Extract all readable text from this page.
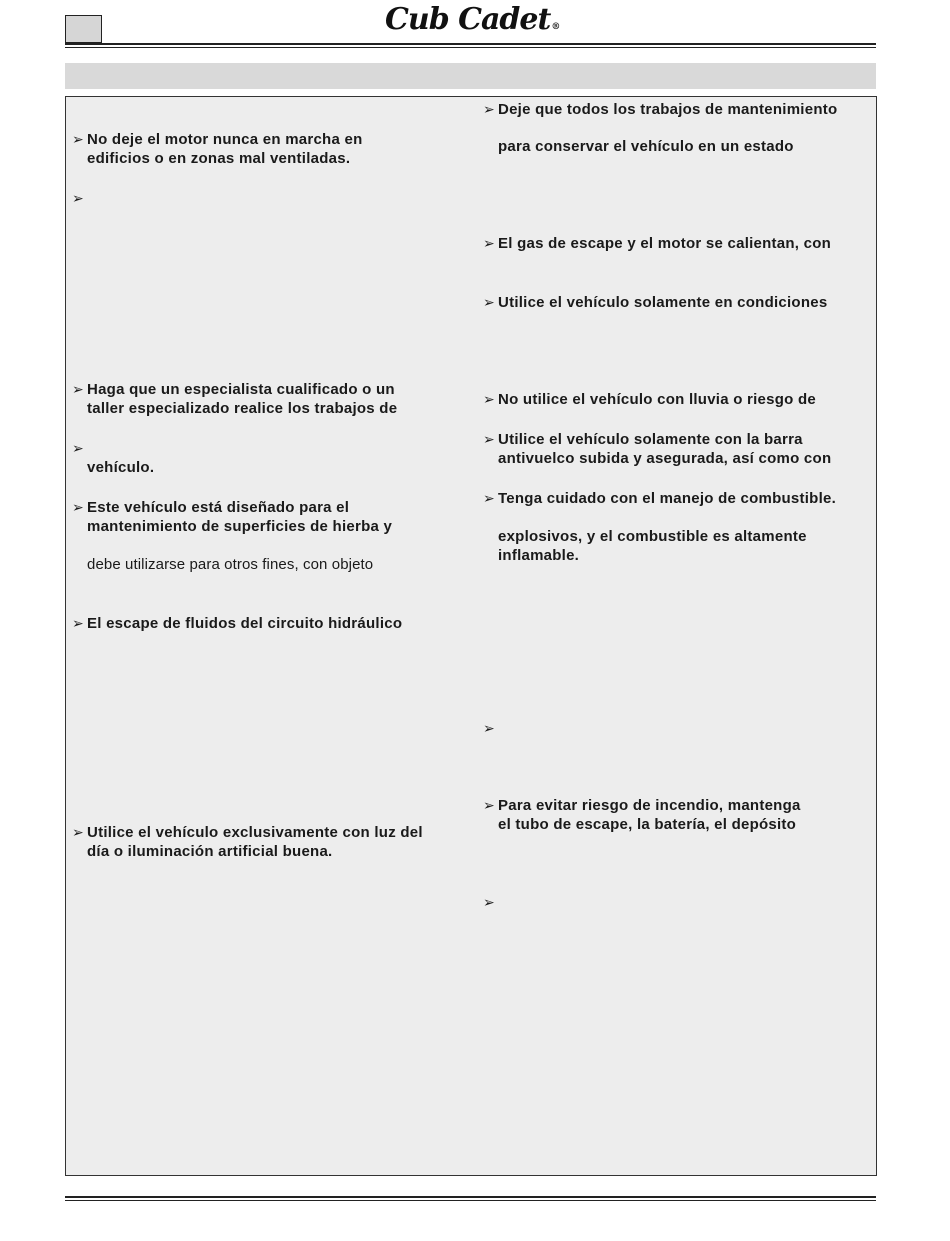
Cub Cadet®
➢ No deje el motor nunca en marcha en
edificios o en zonas mal ventiladas.
➢
➢ Haga que un especialista cualificado o un
taller especializado realice los trabajos de
➢
vehículo.
➢ Este vehículo está diseñado para el
mantenimiento de superficies de hierba y
debe utilizarse para otros fines, con objeto
➢ El escape de fluidos del circuito hidráulico
➢ Utilice el vehículo exclusivamente con luz del
día o iluminación artificial buena.
➢ Deje que todos los trabajos de mantenimiento
para conservar el vehículo en un estado
➢ El gas de escape y el motor se calientan, con
➢ Utilice el vehículo solamente en condiciones
➢ No utilice el vehículo con lluvia o riesgo de
➢ Utilice el vehículo solamente con la barra
antivuelco subida y asegurada, así como con
➢ Tenga cuidado con el manejo de combustible.
explosivos, y el combustible es altamente
inflamable.
➢
➢ Para evitar riesgo de incendio, mantenga
el tubo de escape, la batería, el depósito
➢
